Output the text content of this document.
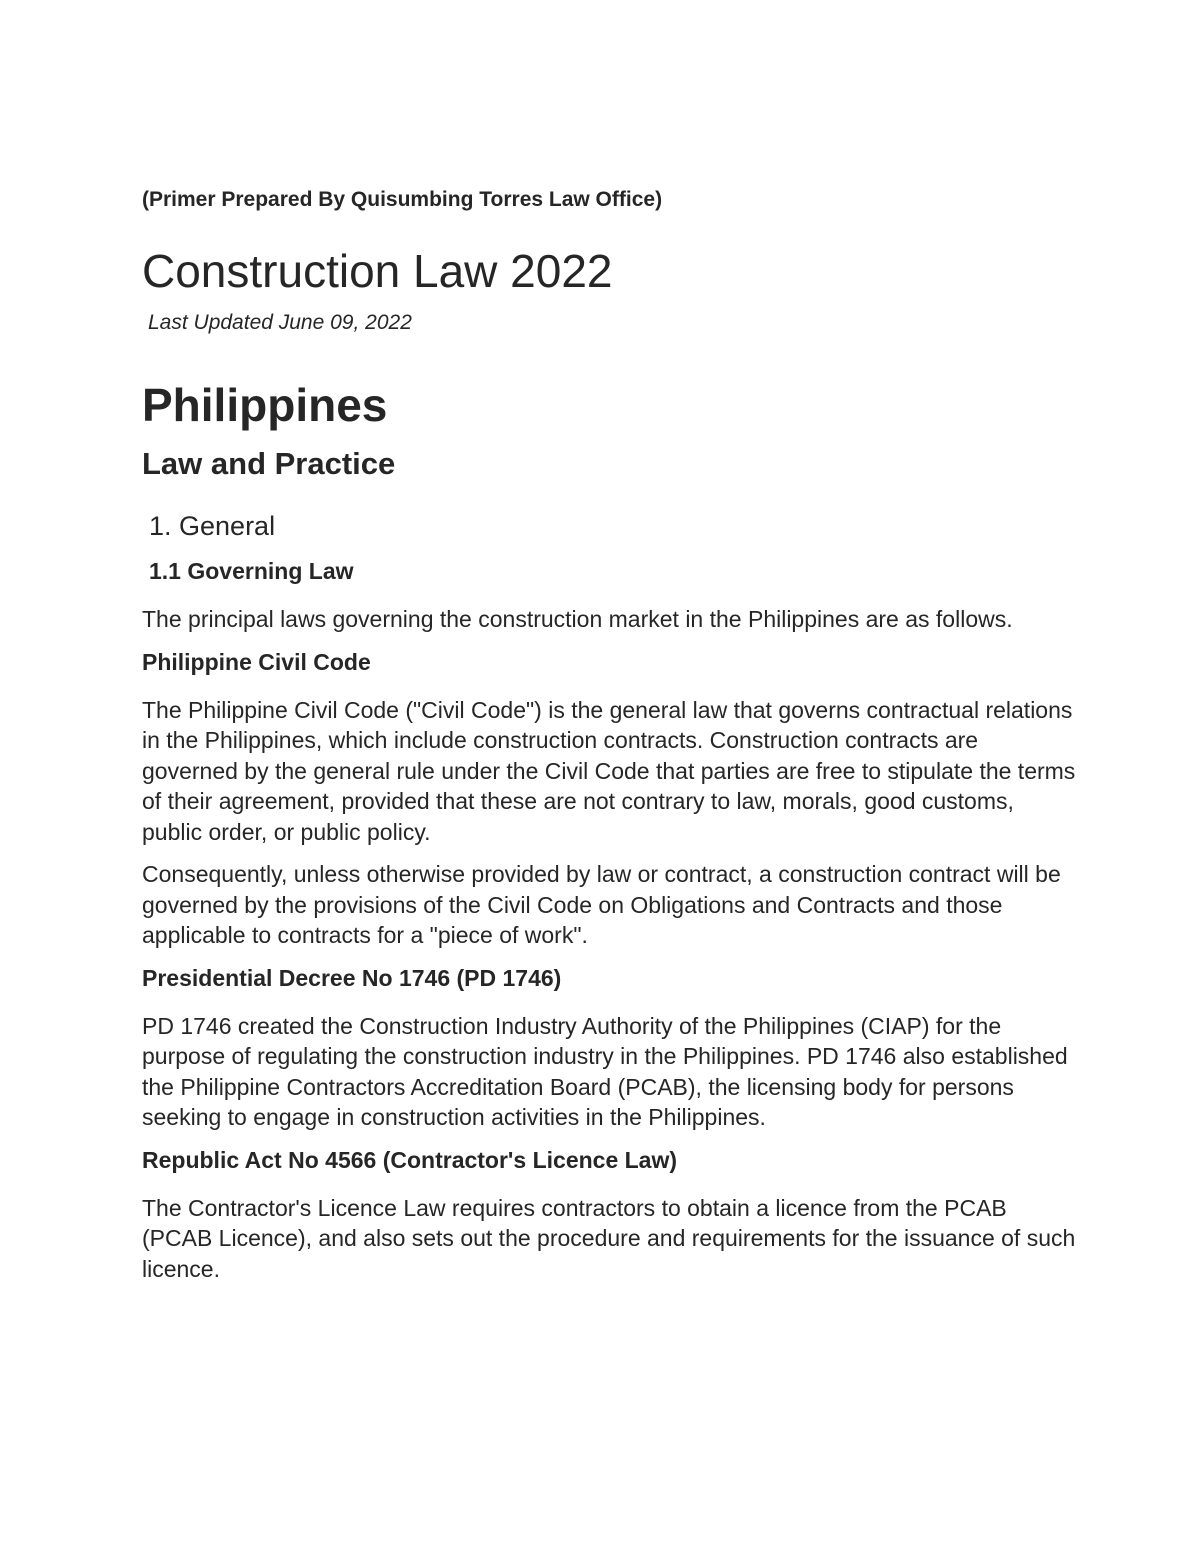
(Primer Prepared By Quisumbing Torres Law Office)

Construction Law 2022

Last Updated June 09, 2022

Philippines
Law and Practice

1. General

1.1 Governing Law

The principal laws governing the construction market in the Philippines are as follows.

Philippine Civil Code

The Philippine Civil Code ("Civil Code") is the general law that governs contractual relations in the Philippines, which include construction contracts. Construction contracts are governed by the general rule under the Civil Code that parties are free to stipulate the terms of their agreement, provided that these are not contrary to law, morals, good customs, public order, or public policy.

Consequently, unless otherwise provided by law or contract, a construction contract will be governed by the provisions of the Civil Code on Obligations and Contracts and those applicable to contracts for a "piece of work".

Presidential Decree No 1746 (PD 1746)

PD 1746 created the Construction Industry Authority of the Philippines (CIAP) for the purpose of regulating the construction industry in the Philippines. PD 1746 also established the Philippine Contractors Accreditation Board (PCAB), the licensing body for persons seeking to engage in construction activities in the Philippines.

Republic Act No 4566 (Contractor's Licence Law)

The Contractor's Licence Law requires contractors to obtain a licence from the PCAB (PCAB Licence), and also sets out the procedure and requirements for the issuance of such licence.
